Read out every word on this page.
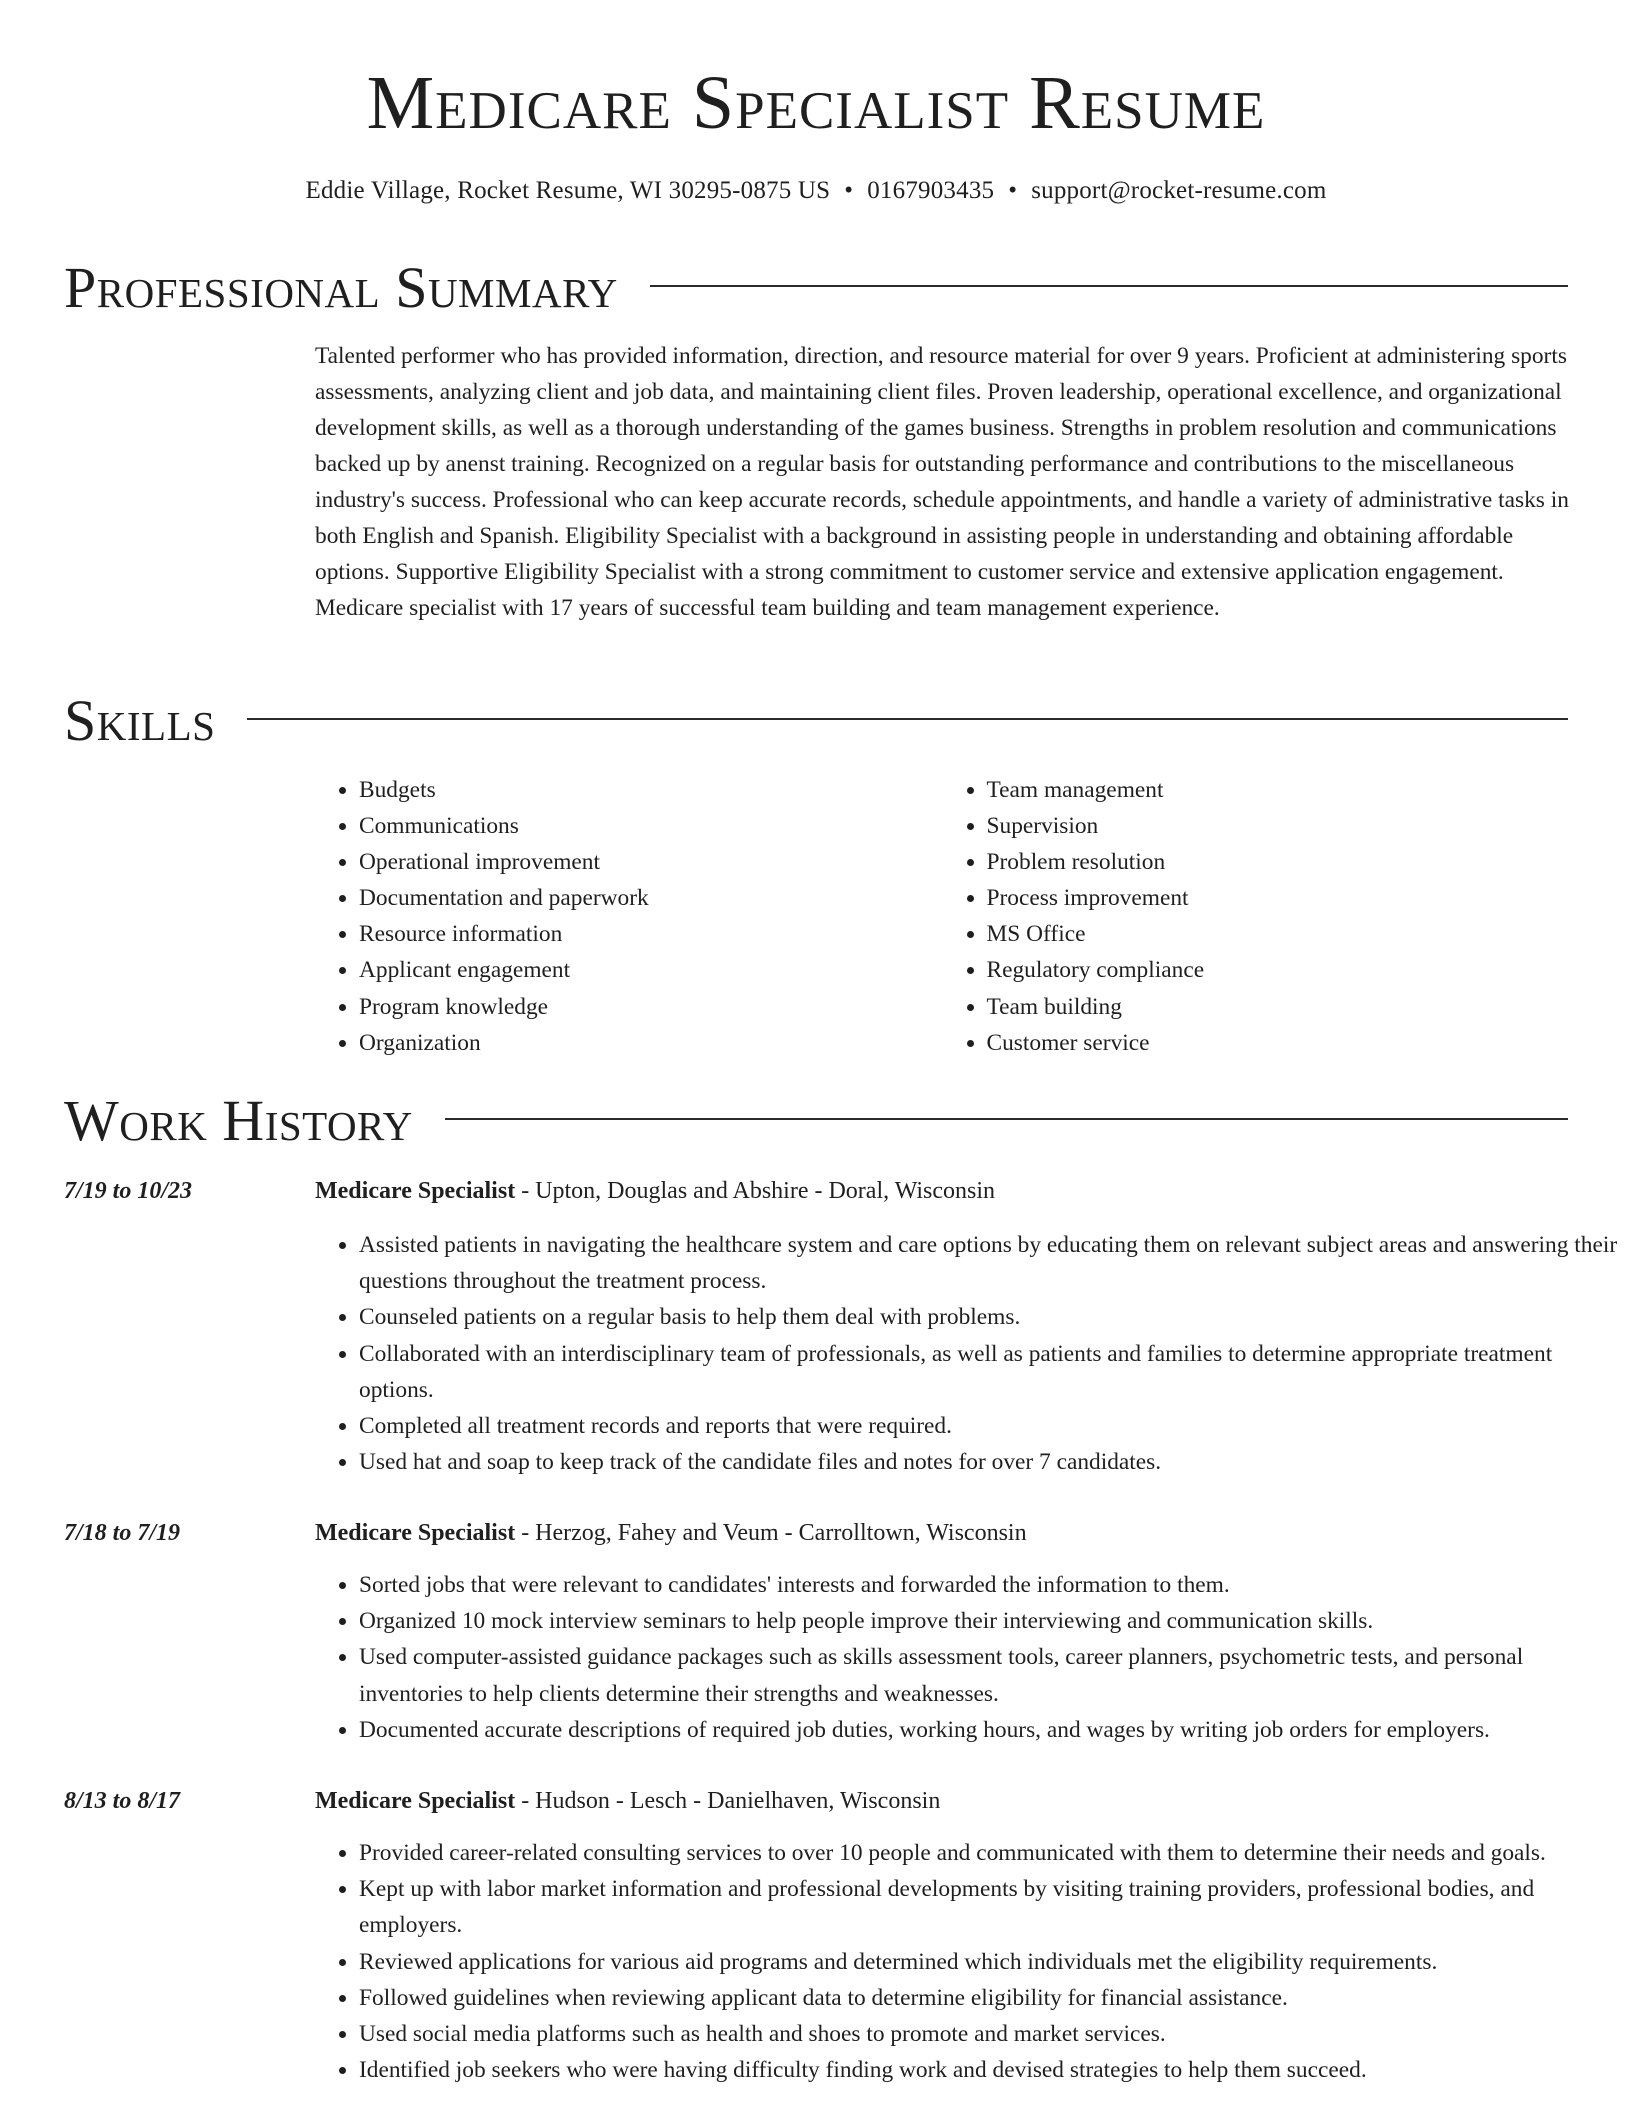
Medicare Specialist Resume
Eddie Village, Rocket Resume, WI 30295-0875 US • 0167903435 • support@rocket-resume.com
Professional Summary

Talented performer who has provided information, direction, and resource material for over 9 years. Proficient at administering sports assessments, analyzing client and job data, and maintaining client files. Proven leadership, operational excellence, and organizational development skills, as well as a thorough understanding of the games business. Strengths in problem resolution and communications backed up by anenst training. Recognized on a regular basis for outstanding performance and contributions to the miscellaneous industry's success. Professional who can keep accurate records, schedule appointments, and handle a variety of administrative tasks in both English and Spanish. Eligibility Specialist with a background in assisting people in understanding and obtaining affordable options. Supportive Eligibility Specialist with a strong commitment to customer service and extensive application engagement. Medicare specialist with 17 years of successful team building and team management experience.

Skills
• Budgets
• Communications
• Operational improvement
• Documentation and paperwork
• Resource information
• Applicant engagement
• Program knowledge
• Organization
• Team management
• Supervision
• Problem resolution
• Process improvement
• MS Office
• Regulatory compliance
• Team building
• Customer service
Work History
7/19 to 10/23	Medicare Specialist - Upton, Douglas and Abshire - Doral, Wisconsin
• Assisted patients in navigating the healthcare system and care options by educating them on relevant subject areas and answering their questions throughout the treatment process.
• Counseled patients on a regular basis to help them deal with problems.
• Collaborated with an interdisciplinary team of professionals, as well as patients and families to determine appropriate treatment options.
• Completed all treatment records and reports that were required.
• Used hat and soap to keep track of the candidate files and notes for over 7 candidates.
7/18 to 7/19	Medicare Specialist - Herzog, Fahey and Veum - Carrolltown, Wisconsin
• Sorted jobs that were relevant to candidates' interests and forwarded the information to them.
• Organized 10 mock interview seminars to help people improve their interviewing and communication skills.
• Used computer-assisted guidance packages such as skills assessment tools, career planners, psychometric tests, and personal inventories to help clients determine their strengths and weaknesses.
• Documented accurate descriptions of required job duties, working hours, and wages by writing job orders for employers.
8/13 to 8/17	Medicare Specialist - Hudson - Lesch - Danielhaven, Wisconsin
• Provided career-related consulting services to over 10 people and communicated with them to determine their needs and goals.
• Kept up with labor market information and professional developments by visiting training providers, professional bodies, and employers.
• Reviewed applications for various aid programs and determined which individuals met the eligibility requirements.
• Followed guidelines when reviewing applicant data to determine eligibility for financial assistance.
• Used social media platforms such as health and shoes to promote and market services.
• Identified job seekers who were having difficulty finding work and devised strategies to help them succeed.
